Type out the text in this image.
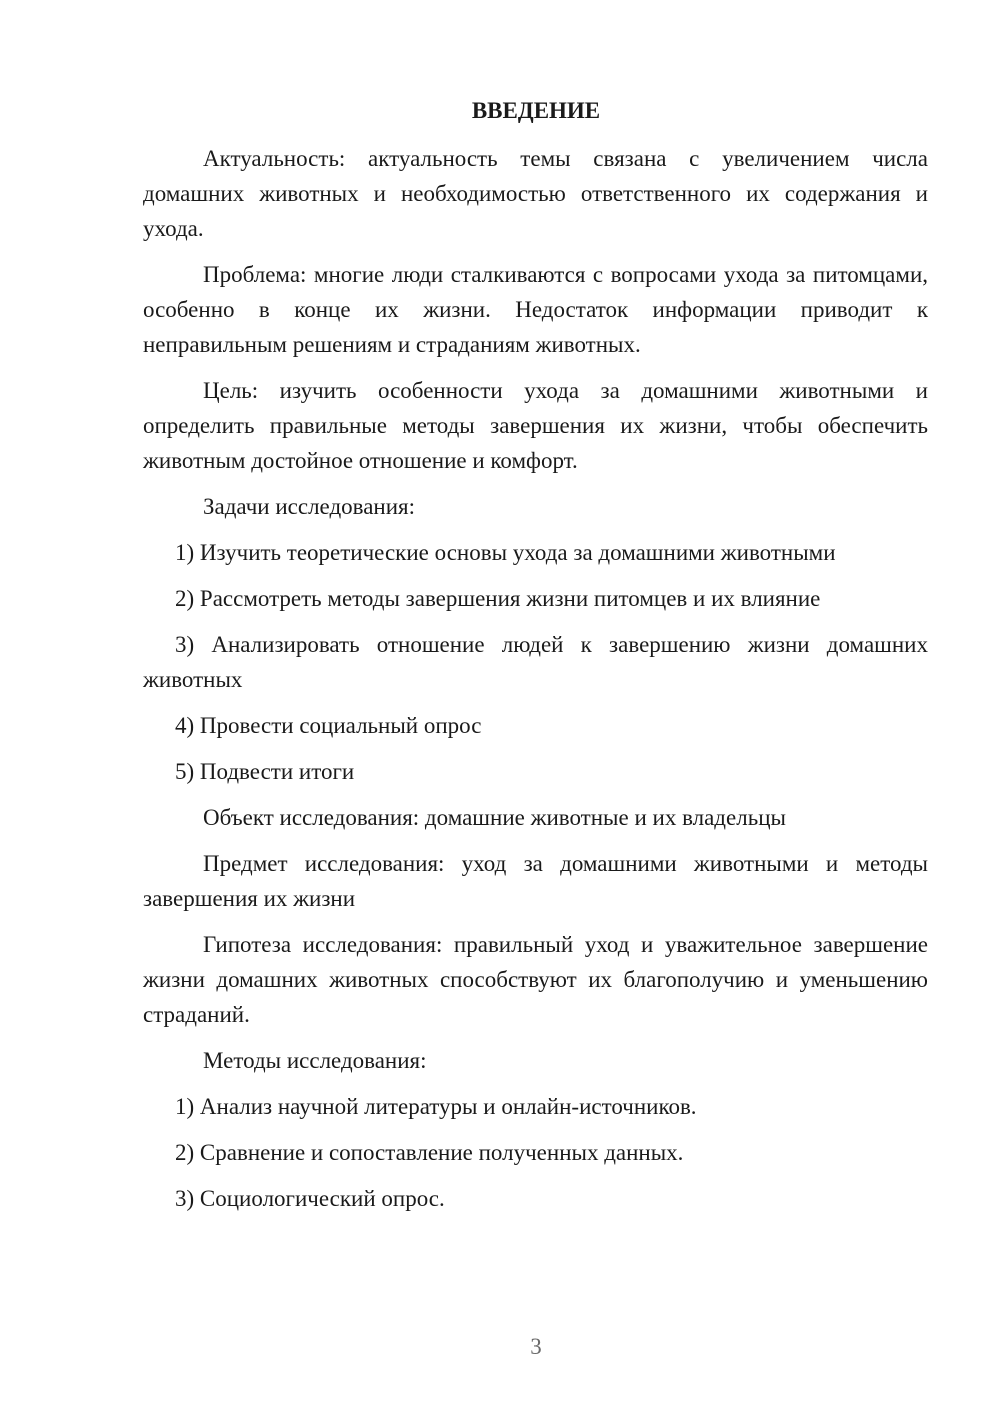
ВВЕДЕНИЕ

Актуальность: актуальность темы связана с увеличением числа домашних животных и необходимостью ответственного их содержания и ухода.

Проблема: многие люди сталкиваются с вопросами ухода за питомцами, особенно в конце их жизни. Недостаток информации приводит к неправильным решениям и страданиям животных.

Цель: изучить особенности ухода за домашними животными и определить правильные методы завершения их жизни, чтобы обеспечить животным достойное отношение и комфорт.

Задачи исследования:

1) Изучить теоретические основы ухода за домашними животными

2) Рассмотреть методы завершения жизни питомцев и их влияние

3) Анализировать отношение людей к завершению жизни домашних животных

4) Провести социальный опрос

5) Подвести итоги

Объект исследования: домашние животные и их владельцы

Предмет исследования: уход за домашними животными и методы завершения их жизни

Гипотеза исследования: правильный уход и уважительное завершение жизни домашних животных способствуют их благополучию и уменьшению страданий.

Методы исследования:

1) Анализ научной литературы и онлайн-источников.

2) Сравнение и сопоставление полученных данных.

3) Социологический опрос.

3
